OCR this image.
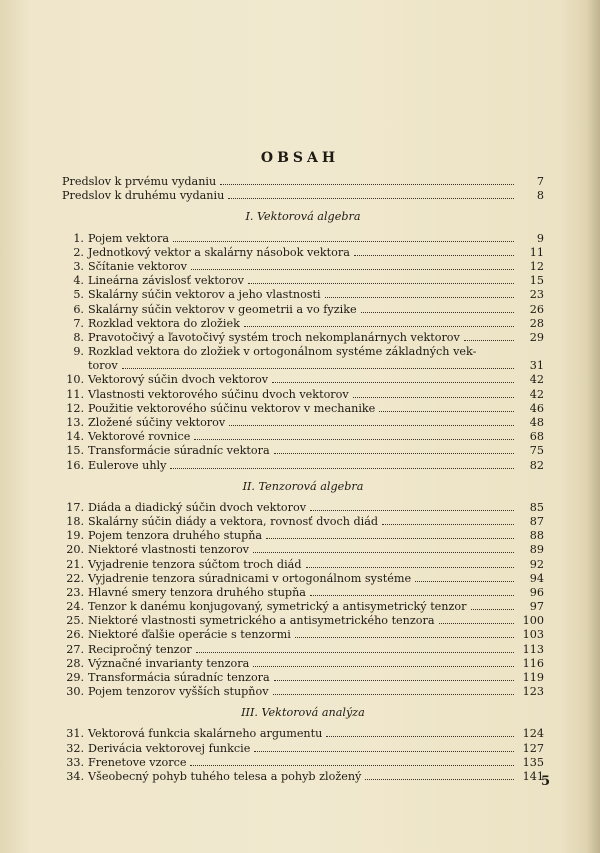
OBSAH
Predslov k prvému vydaniu	7
Predslov k druhému vydaniu	8
I. Vektorová algebra
1. Pojem vektora	9
2. Jednotkový vektor a skalárny násobok vektora	11
3. Sčítanie vektorov	12
4. Lineárna závislosť vektorov	15
5. Skalárny súčin vektorov a jeho vlastnosti	23
6. Skalárny súčin vektorov v geometrii a vo fyzike	26
7. Rozklad vektora do zložiek	28
8. Pravotočivý a ľavotočivý systém troch nekomplanárnych vektorov	29
9. Rozklad vektora do zložiek v ortogonálnom systéme základných vek-
torov	31
10. Vektorový súčin dvoch vektorov	42
11. Vlastnosti vektorového súčinu dvoch vektorov	42
12. Použitie vektorového súčinu vektorov v mechanike	46
13. Zložené súčiny vektorov	48
14. Vektorové rovnice	68
15. Transformácie súradníc vektora	75
16. Eulerove uhly	82
II. Tenzorová algebra
17. Diáda a diadický súčin dvoch vektorov	85
18. Skalárny súčin diády a vektora, rovnosť dvoch diád	87
19. Pojem tenzora druhého stupňa	88
20. Niektoré vlastnosti tenzorov	89
21. Vyjadrenie tenzora súčtom troch diád	92
22. Vyjadrenie tenzora súradnicami v ortogonálnom systéme	94
23. Hlavné smery tenzora druhého stupňa	96
24. Tenzor k danému konjugovaný, symetrický a antisymetrický tenzor	97
25. Niektoré vlastnosti symetrického a antisymetrického tenzora	100
26. Niektoré ďalšie operácie s tenzormi	103
27. Recipročný tenzor	113
28. Význačné invarianty tenzora	116
29. Transformácia súradníc tenzora	119
30. Pojem tenzorov vyšších stupňov	123
III. Vektorová analýza
31. Vektorová funkcia skalárneho argumentu	124
32. Derivácia vektorovej funkcie	127
33. Frenetove vzorce	135
34. Všeobecný pohyb tuhého telesa a pohyb zložený	141
5
